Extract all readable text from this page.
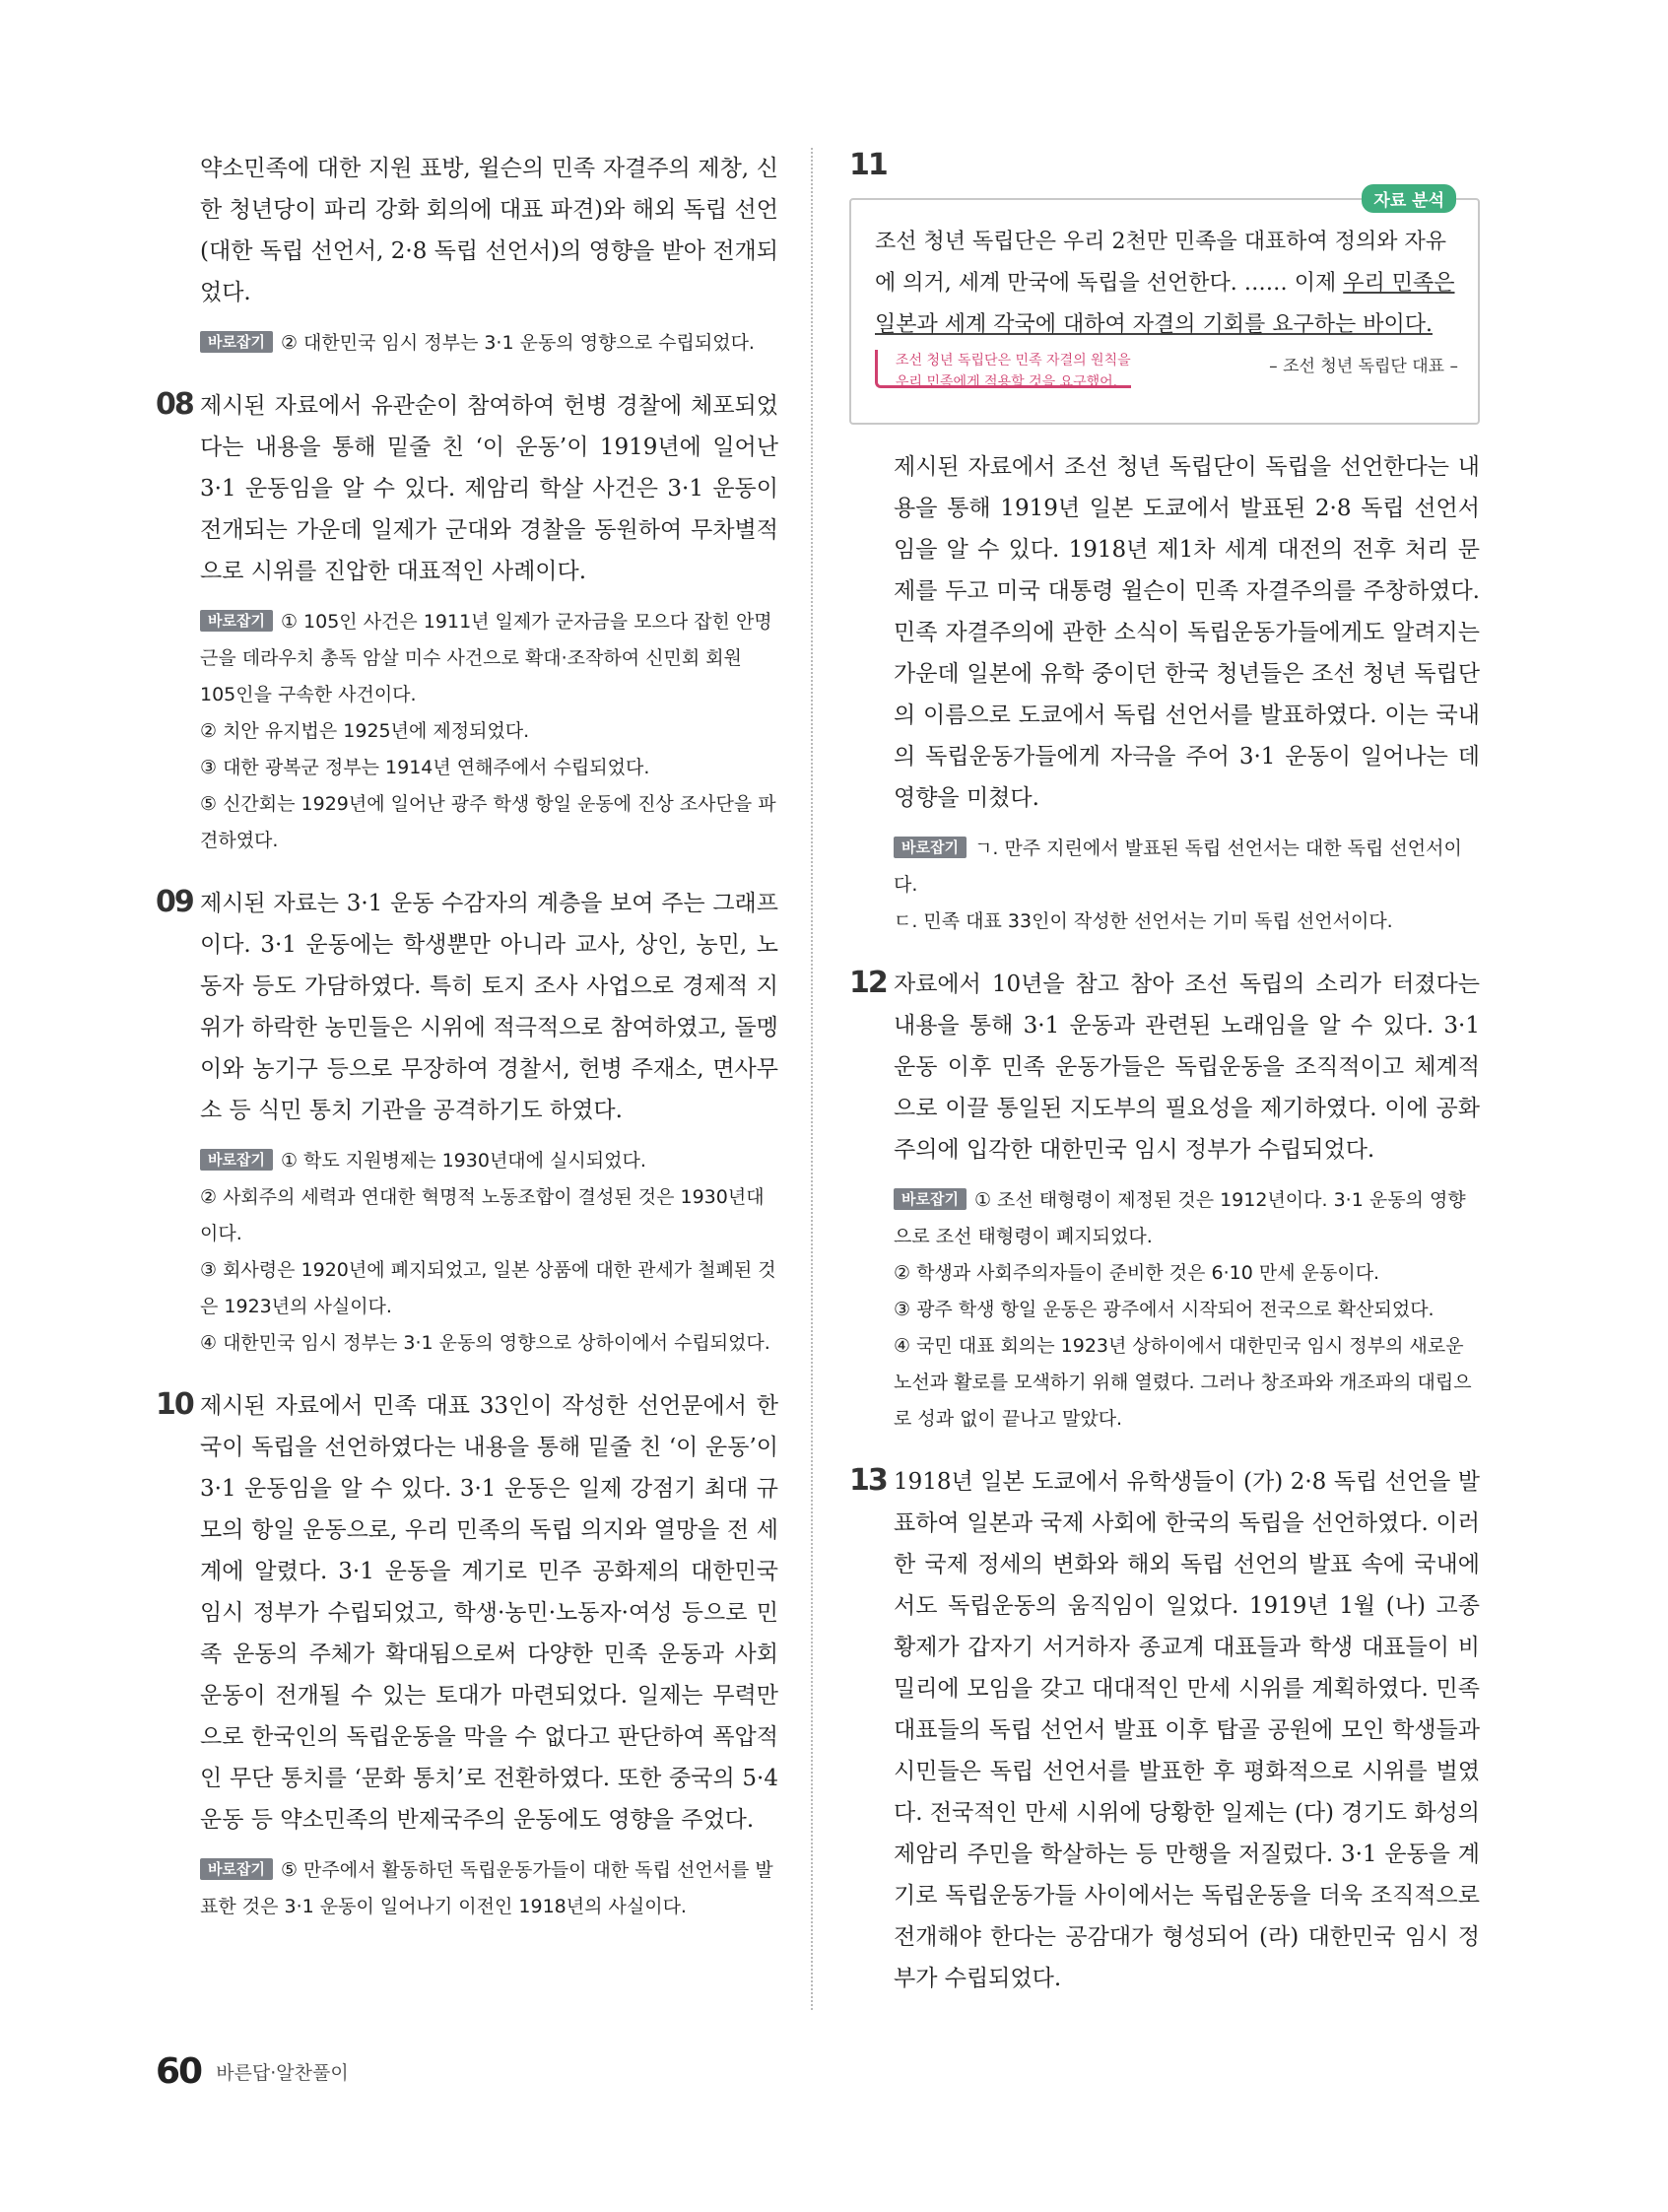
약소민족에 대한 지원 표방, 윌슨의 민족 자결주의 제창, 신한 청년당이 파리 강화 회의에 대표 파견)와 해외 독립 선언(대한 독립 선언서, 2·8 독립 선언서)의 영향을 받아 전개되었다.

바로잡기 ② 대한민국 임시 정부는 3·1 운동의 영향으로 수립되었다.

08 제시된 자료에서 유관순이 참여하여 헌병 경찰에 체포되었다는 내용을 통해 밑줄 친 ‘이 운동’이 1919년에 일어난 3·1 운동임을 알 수 있다. 제암리 학살 사건은 3·1 운동이 전개되는 가운데 일제가 군대와 경찰을 동원하여 무차별적으로 시위를 진압한 대표적인 사례이다.

바로잡기 ① 105인 사건은 1911년 일제가 군자금을 모으다 잡힌 안명근을 데라우치 총독 암살 미수 사건으로 확대·조작하여 신민회 회원 105인을 구속한 사건이다.

② 치안 유지법은 1925년에 제정되었다.

③ 대한 광복군 정부는 1914년 연해주에서 수립되었다.

⑤ 신간회는 1929년에 일어난 광주 학생 항일 운동에 진상 조사단을 파견하였다.

09 제시된 자료는 3·1 운동 수감자의 계층을 보여 주는 그래프이다. 3·1 운동에는 학생뿐만 아니라 교사, 상인, 농민, 노동자 등도 가담하였다. 특히 토지 조사 사업으로 경제적 지위가 하락한 농민들은 시위에 적극적으로 참여하였고, 돌멩이와 농기구 등으로 무장하여 경찰서, 헌병 주재소, 면사무소 등 식민 통치 기관을 공격하기도 하였다.

바로잡기 ① 학도 지원병제는 1930년대에 실시되었다.

② 사회주의 세력과 연대한 혁명적 노동조합이 결성된 것은 1930년대이다.

③ 회사령은 1920년에 폐지되었고, 일본 상품에 대한 관세가 철폐된 것은 1923년의 사실이다.

④ 대한민국 임시 정부는 3·1 운동의 영향으로 상하이에서 수립되었다.

10 제시된 자료에서 민족 대표 33인이 작성한 선언문에서 한국이 독립을 선언하였다는 내용을 통해 밑줄 친 ‘이 운동’이 3·1 운동임을 알 수 있다. 3·1 운동은 일제 강점기 최대 규모의 항일 운동으로, 우리 민족의 독립 의지와 열망을 전 세계에 알렸다. 3·1 운동을 계기로 민주 공화제의 대한민국 임시 정부가 수립되었고, 학생·농민·노동자·여성 등으로 민족 운동의 주체가 확대됨으로써 다양한 민족 운동과 사회 운동이 전개될 수 있는 토대가 마련되었다. 일제는 무력만으로 한국인의 독립운동을 막을 수 없다고 판단하여 폭압적인 무단 통치를 ‘문화 통치’로 전환하였다. 또한 중국의 5·4 운동 등 약소민족의 반제국주의 운동에도 영향을 주었다.

바로잡기 ⑤ 만주에서 활동하던 독립운동가들이 대한 독립 선언서를 발표한 것은 3·1 운동이 일어나기 이전인 1918년의 사실이다.

11
자료 분석

조선 청년 독립단은 우리 2천만 민족을 대표하여 정의와 자유에 의거, 세계 만국에 독립을 선언한다. …… 이제 우리 민족은 일본과 세계 각국에 대하여 자결의 기회를 요구하는 바이다.

조선 청년 독립단은 민족 자결의 원칙을
우리 민족에게 적용할 것을 요구했어.
– 조선 청년 독립단 대표 –

제시된 자료에서 조선 청년 독립단이 독립을 선언한다는 내용을 통해 1919년 일본 도쿄에서 발표된 2·8 독립 선언서임을 알 수 있다. 1918년 제1차 세계 대전의 전후 처리 문제를 두고 미국 대통령 윌슨이 민족 자결주의를 주창하였다. 민족 자결주의에 관한 소식이 독립운동가들에게도 알려지는 가운데 일본에 유학 중이던 한국 청년들은 조선 청년 독립단의 이름으로 도쿄에서 독립 선언서를 발표하였다. 이는 국내의 독립운동가들에게 자극을 주어 3·1 운동이 일어나는 데 영향을 미쳤다.

바로잡기 ㄱ. 만주 지린에서 발표된 독립 선언서는 대한 독립 선언서이다.

ㄷ. 민족 대표 33인이 작성한 선언서는 기미 독립 선언서이다.

12 자료에서 10년을 참고 참아 조선 독립의 소리가 터졌다는 내용을 통해 3·1 운동과 관련된 노래임을 알 수 있다. 3·1 운동 이후 민족 운동가들은 독립운동을 조직적이고 체계적으로 이끌 통일된 지도부의 필요성을 제기하였다. 이에 공화주의에 입각한 대한민국 임시 정부가 수립되었다.

바로잡기 ① 조선 태형령이 제정된 것은 1912년이다. 3·1 운동의 영향으로 조선 태형령이 폐지되었다.

② 학생과 사회주의자들이 준비한 것은 6·10 만세 운동이다.

③ 광주 학생 항일 운동은 광주에서 시작되어 전국으로 확산되었다.

④ 국민 대표 회의는 1923년 상하이에서 대한민국 임시 정부의 새로운 노선과 활로를 모색하기 위해 열렸다. 그러나 창조파와 개조파의 대립으로 성과 없이 끝나고 말았다.

13 1918년 일본 도쿄에서 유학생들이 (가) 2·8 독립 선언을 발표하여 일본과 국제 사회에 한국의 독립을 선언하였다. 이러한 국제 정세의 변화와 해외 독립 선언의 발표 속에 국내에서도 독립운동의 움직임이 일었다. 1919년 1월 (나) 고종 황제가 갑자기 서거하자 종교계 대표들과 학생 대표들이 비밀리에 모임을 갖고 대대적인 만세 시위를 계획하였다. 민족 대표들의 독립 선언서 발표 이후 탑골 공원에 모인 학생들과 시민들은 독립 선언서를 발표한 후 평화적으로 시위를 벌였다. 전국적인 만세 시위에 당황한 일제는 (다) 경기도 화성의 제암리 주민을 학살하는 등 만행을 저질렀다. 3·1 운동을 계기로 독립운동가들 사이에서는 독립운동을 더욱 조직적으로 전개해야 한다는 공감대가 형성되어 (라) 대한민국 임시 정부가 수립되었다.

60 바른답·알찬풀이
